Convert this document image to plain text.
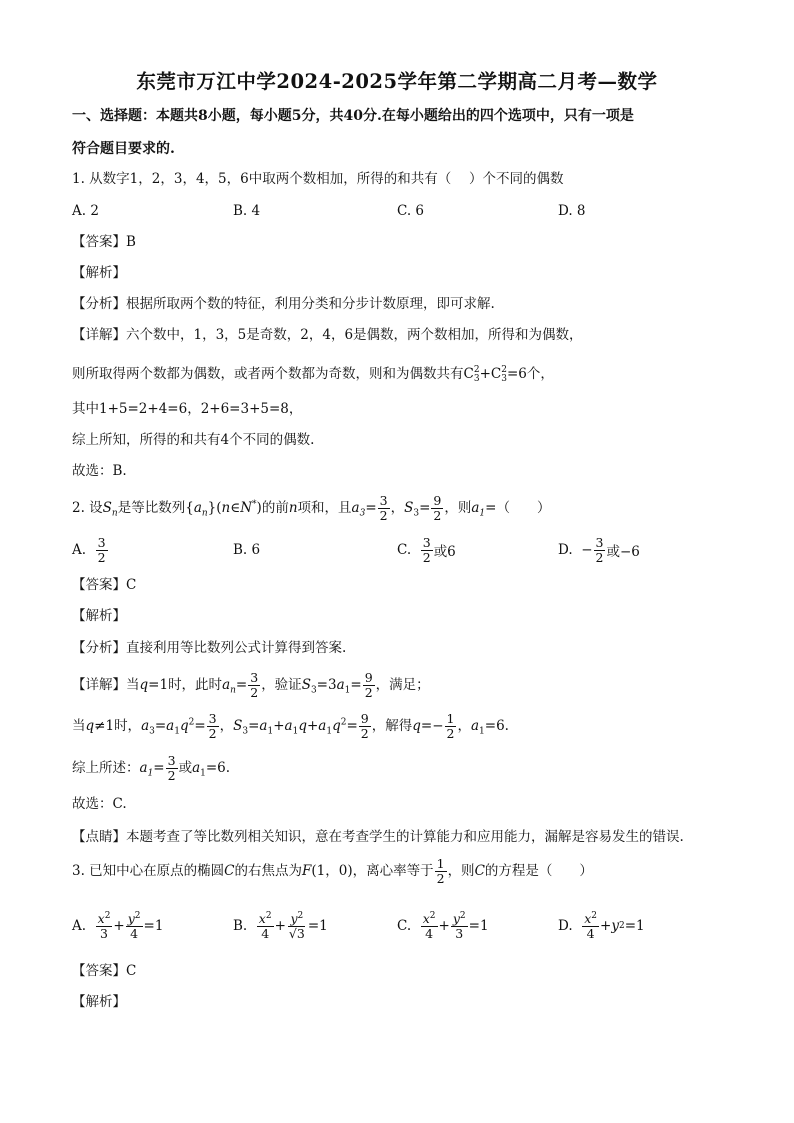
东莞市万江中学2024-2025学年第二学期高二月考—数学
一、选择题：本题共8小题，每小题5分，共40分.在每小题给出的四个选项中，只有一项是
符合题目要求的.
1. 从数字1，2，3，4，5，6中取两个数相加，所得的和共有（　 ）个不同的偶数
A. 2	B. 4	C. 6	D. 8
【答案】B
【解析】
【分析】根据所取两个数的特征，利用分类和分步计数原理，即可求解.
【详解】六个数中，1，3，5是奇数，2，4，6是偶数，两个数相加，所得和为偶数，
则所取得两个数都为偶数，或者两个数都为奇数，则和为偶数共有C 2
3 +C 2
3 =6个，
其中1+5=2+4=6，2+6=3+5=8，
综上所知，所得的和共有4个不同的偶数.
故选：B.
2. 设 $S_n$ 是等比数列 $\{a_n\}(n\in N^*)$ 的前 n 项和，且 $a_3= \frac{3}{2}$ ，$S_3= \frac{9}{2}$ ，则 $a_1$ =（　　）
A. $\frac{3}{2}$	B. 6	C. $\frac{3}{2}$ 或6	D.  − $\frac{3}{2}$ 或−6
【答案】C
【解析】
【分析】直接利用等比数列公式计算得到答案.
【详解】当 q=1 时，此时 $a_n = \frac{3}{2}$ ，验证 $S_3=3a_1= \frac{9}{2}$ ，满足；
当 q≠1 时， $a_3=a_1q^2= \frac{3}{2}$ ，$S_3=a_1+a_1q+a_1q^2= \frac{9}{2}$ ，解得 $q=- \frac{1}{2}$ ，$a_1=6$.
综上所述： $a_1 = \frac{3}{2}$ 或 $a_1=6$.
故选：C.
【点睛】本题考查了等比数列相关知识，意在考查学生的计算能力和应用能力，漏解是容易发生的错误.
3. 已知中心在原点的椭圆 C 的右焦点为 F(1，0) ，离心率等于 $\frac{1}{2}$ ，则 C 的方程是（　　）
A. $\frac{x^2}{3} + \frac{y^2}{4} =1$	B. $\frac{x^2}{4} + \frac{y^2}{√3} =1$	C. $\frac{x^2}{4} + \frac{y^2}{3} =1$	D. $\frac{x^2}{4} + y$ 2 =1
【答案】C
【解析】
